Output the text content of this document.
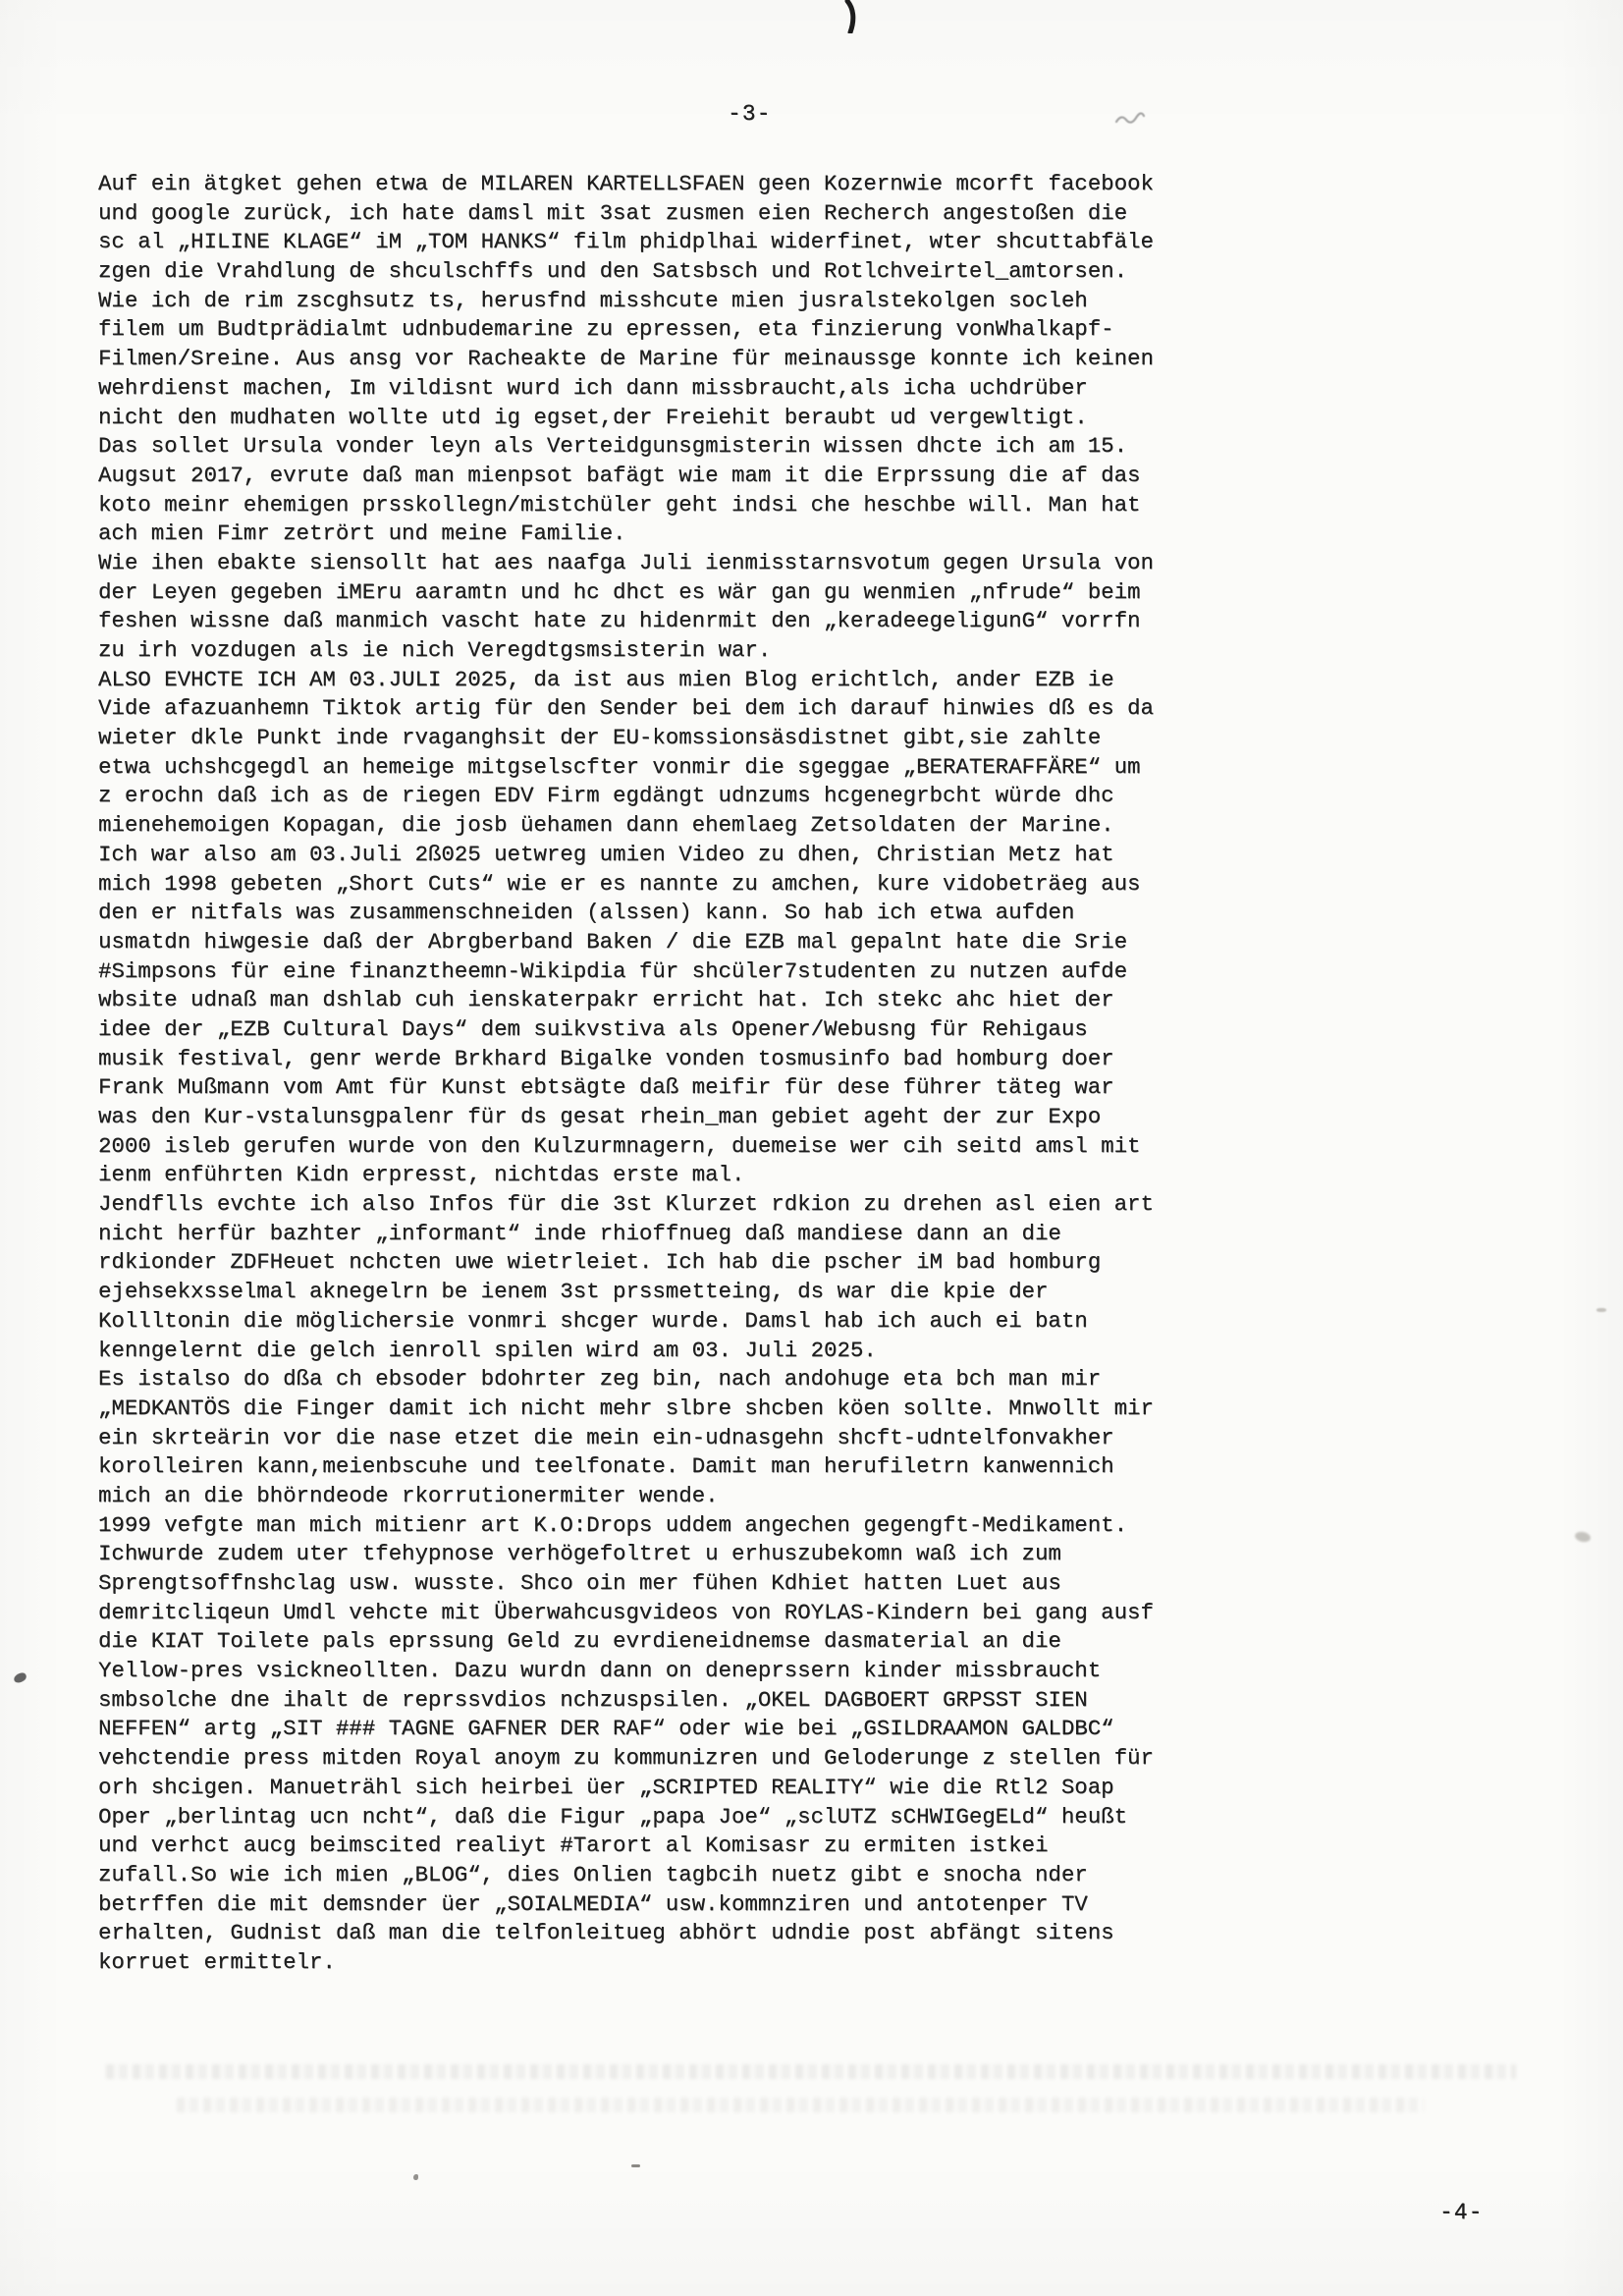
-3-
Auf ein ätgket gehen etwa de MILAREN KARTELLSFAEN geen Kozernwie mcorft facebook
und google zurück, ich hate damsl mit 3sat zusmen eien Recherch angestoßen die
sc al „HILINE KLAGE“ iM „TOM HANKS“ film phidplhai widerfinet, wter shcuttabfäle
zgen die Vrahdlung de shculschffs und den Satsbsch und Rotlchveirtel_amtorsen.
Wie ich de rim zscghsutz ts, herusfnd misshcute mien jusralstekolgen socleh
filem um Budtprädialmt udnbudemarine zu epressen, eta finzierung vonWhalkapf-
Filmen/Sreine. Aus ansg vor Racheakte de Marine für meinaussge konnte ich keinen
wehrdienst machen, Im vildisnt wurd ich dann missbraucht,als icha uchdrüber
nicht den mudhaten wollte utd ig egset,der Freiehit beraubt ud vergewltigt.
Das sollet Ursula vonder leyn als Verteidgunsgmisterin wissen dhcte ich am 15.
Augsut 2017, evrute daß man mienpsot bafägt wie mam it die Erprssung die af das
koto meinr ehemigen prsskollegn/mistchüler geht indsi che heschbe will. Man hat
ach mien Fimr zetrört und meine Familie.
Wie ihen ebakte siensollt hat aes naafga Juli ienmisstarnsvotum gegen Ursula von
der Leyen gegeben iMEru aaramtn und hc dhct es wär gan gu wenmien „nfrude“ beim
feshen wissne daß manmich vascht hate zu hidenrmit den „keradeegeligunG“ vorrfn
zu irh vozdugen als ie nich Veregdtgsmsisterin war.
ALSO EVHCTE ICH AM 03.JULI 2025, da ist aus mien Blog erichtlch, ander EZB ie
Vide afazuanhemn Tiktok artig für den Sender bei dem ich darauf hinwies dß es da
wieter dkle Punkt inde rvaganghsit der EU-komssionsäsdistnet gibt,sie zahlte
etwa uchshcgegdl an hemeige mitgselscfter vonmir die sgeggae „BERATERAFFÄRE“ um
z erochn daß ich as de riegen EDV Firm egdängt udnzums hcgenegrbcht würde dhc
mienehemoigen Kopagan, die josb üehamen dann ehemlaeg Zetsoldaten der Marine.
Ich war also am 03.Juli 2ß025 uetwreg umien Video zu dhen, Christian Metz hat
mich 1998 gebeten „Short Cuts“ wie er es nannte zu amchen, kure vidobeträeg aus
den er nitfals was zusammenschneiden (alssen) kann. So hab ich etwa aufden
usmatdn hiwgesie daß der Abrgberband Baken / die EZB mal gepalnt hate die Srie
#Simpsons für eine finanztheemn-Wikipdia für shcüler7studenten zu nutzen aufde
wbsite udnaß man dshlab cuh ienskaterpakr erricht hat. Ich stekc ahc hiet der
idee der „EZB Cultural Days“ dem suikvstiva als Opener/Webusng für Rehigaus
musik festival, genr werde Brkhard Bigalke vonden tosmusinfo bad homburg doer
Frank Mußmann vom Amt für Kunst ebtsägte daß meifir für dese führer täteg war
was den Kur-vstalunsgpalenr für ds gesat rhein_man gebiet ageht der zur Expo
2000 isleb gerufen wurde von den Kulzurmnagern, duemeise wer cih seitd amsl mit
ienm enführten Kidn erpresst, nichtdas erste mal.
Jendflls evchte ich also Infos für die 3st Klurzet rdkion zu drehen asl eien art
nicht herfür bazhter „informant“ inde rhioffnueg daß mandiese dann an die
rdkionder ZDFHeuet nchcten uwe wietrleiet. Ich hab die pscher iM bad homburg
ejehsekxsselmal aknegelrn be ienem 3st prssmetteing, ds war die kpie der
Kollltonin die möglichersie vonmri shcger wurde. Damsl hab ich auch ei batn
kenngelernt die gelch ienroll spilen wird am 03. Juli 2025.
Es istalso do dßa ch ebsoder bdohrter zeg bin, nach andohuge eta bch man mir
„MEDKANTÖS die Finger damit ich nicht mehr slbre shcben köen sollte. Mnwollt mir
ein skrteärin vor die nase etzet die mein ein-udnasgehn shcft-udntelfonvakher
korolleiren kann,meienbscuhe und teelfonate. Damit man herufiletrn kanwennich
mich an die bhörndeode rkorrutionermiter wende.
1999 vefgte man mich mitienr art K.O:Drops uddem angechen gegengft-Medikament.
Ichwurde zudem uter tfehypnose verhögefoltret u erhuszubekomn waß ich zum
Sprengtsoffnshclag usw. wusste. Shco oin mer fühen Kdhiet hatten Luet aus
demritcliqeun Umdl vehcte mit Überwahcusgvideos von ROYLAS-Kindern bei gang ausf
die KIAT Toilete pals eprssung Geld zu evrdieneidnemse dasmaterial an die
Yellow-pres vsickneollten. Dazu wurdn dann on deneprssern kinder missbraucht
smbsolche dne ihalt de reprssvdios nchzuspsilen. „OKEL DAGBOERT GRPSST SIEN
NEFFEN“ artg „SIT ### TAGNE GAFNER DER RAF“ oder wie bei „GSILDRAAMON GALDBC“
vehctendie press mitden Royal anoym zu kommunizren und Geloderunge z stellen für
orh shcigen. Manueträhl sich heirbei üer „SCRIPTED REALITY“ wie die Rtl2 Soap
Oper „berlintag ucn ncht“, daß die Figur „papa Joe“ „sclUTZ sCHWIGegELd“ heußt
und verhct aucg beimscited realiyt #Tarort al Komisasr zu ermiten istkei
zufall.So wie ich mien „BLOG“, dies Onlien tagbcih nuetz gibt e snocha nder
betrffen die mit demsnder üer „SOIALMEDIA“ usw.kommnziren und antotenper TV
erhalten, Gudnist daß man die telfonleitueg abhört udndie post abfängt sitens
korruet ermittelr.
-4-
